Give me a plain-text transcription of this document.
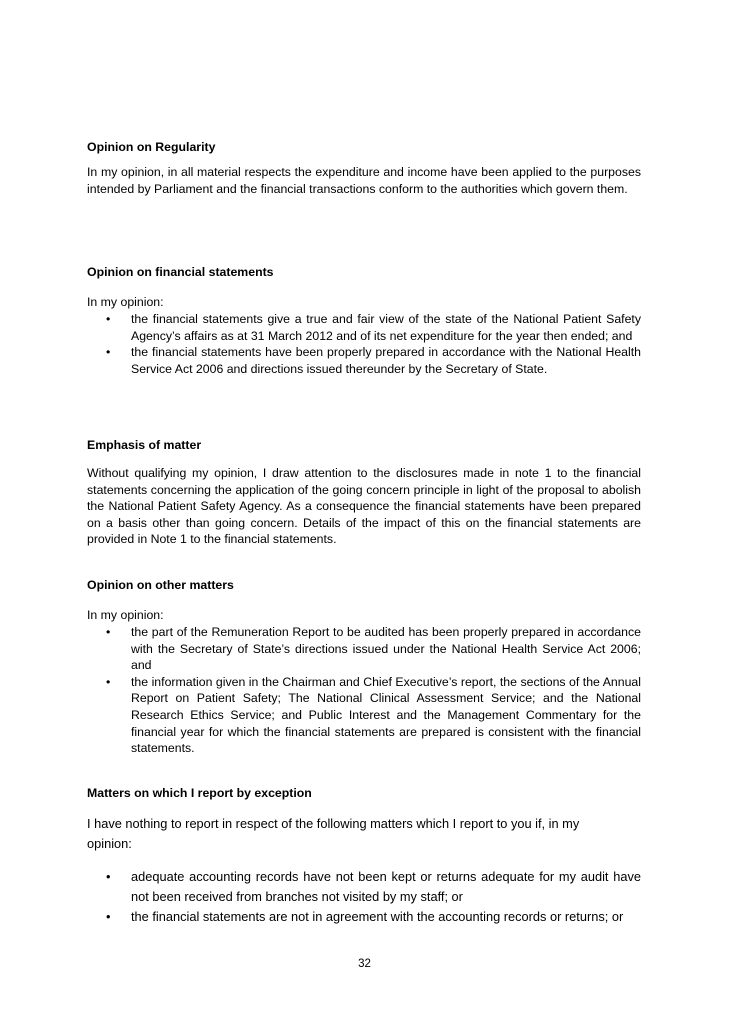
Opinion on Regularity

In my opinion, in all material respects the expenditure and income have been applied to the purposes intended by Parliament and the financial transactions conform to the authorities which govern them.

Opinion on financial statements

In my opinion:

• the financial statements give a true and fair view of the state of the National Patient Safety Agency’s affairs as at 31 March 2012 and of its net expenditure for the year then ended; and
• the financial statements have been properly prepared in accordance with the National Health Service Act 2006 and directions issued thereunder by the Secretary of State.
Emphasis of matter

Without qualifying my opinion, I draw attention to the disclosures made in note 1 to the financial statements concerning the application of the going concern principle in light of the proposal to abolish the National Patient Safety Agency. As a consequence the financial statements have been prepared on a basis other than going concern. Details of the impact of this on the financial statements are provided in Note 1 to the financial statements.

Opinion on other matters

In my opinion:

• the part of the Remuneration Report to be audited has been properly prepared in accordance with the Secretary of State’s directions issued under the National Health Service Act 2006; and
• the information given in the Chairman and Chief Executive’s report, the sections of the Annual Report on Patient Safety; The National Clinical Assessment Service; and the National Research Ethics Service; and Public Interest and the Management Commentary for the financial year for which the financial statements are prepared is consistent with the financial statements.
Matters on which I report by exception

I have nothing to report in respect of the following matters which I report to you if, in my opinion:

• adequate accounting records have not been kept or returns adequate for my audit have not been received from branches not visited by my staff; or
• the financial statements are not in agreement with the accounting records or returns; or
32
